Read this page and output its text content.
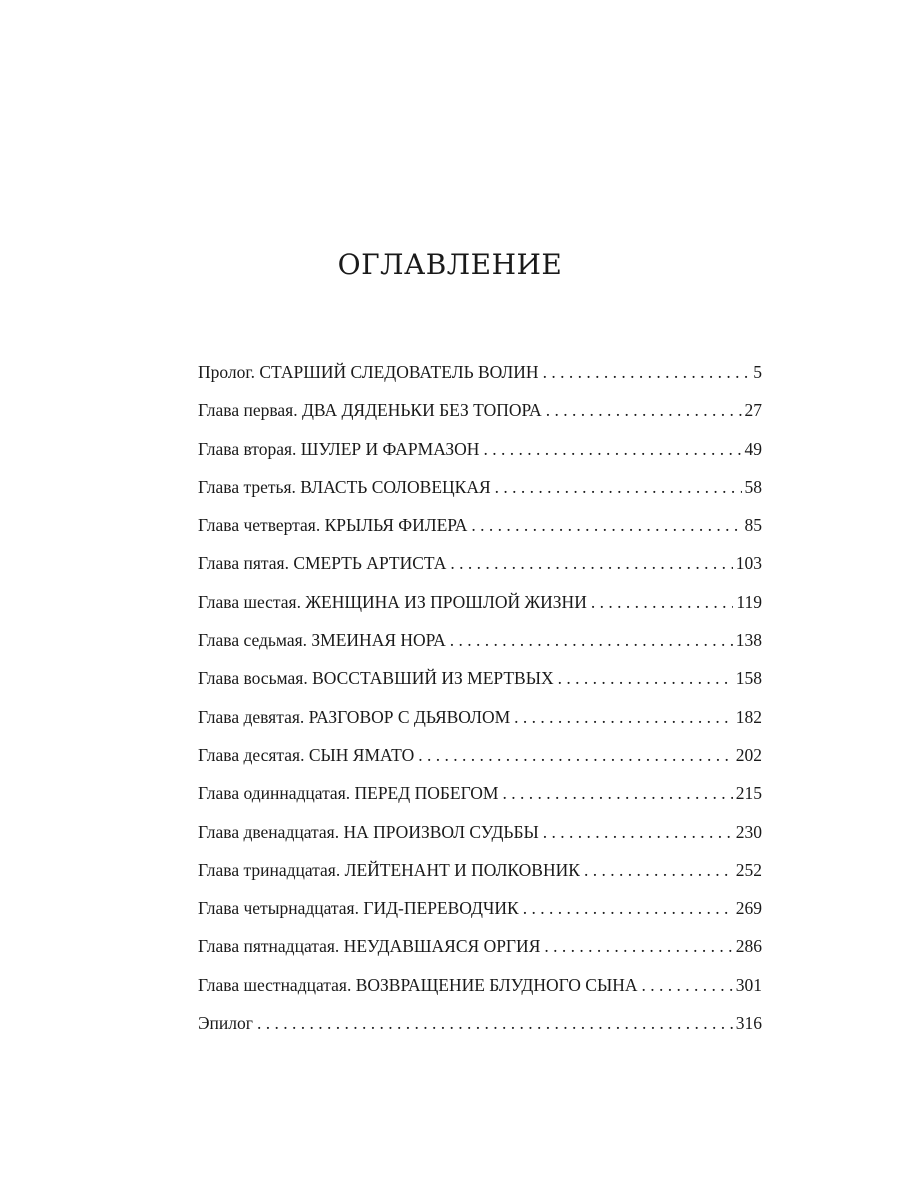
ОГЛАВЛЕНИЕ
Пролог. СТАРШИЙ СЛЕДОВАТЕЛЬ ВОЛИН . . .	5
Глава первая. ДВА ДЯДЕНЬКИ БЕЗ ТОПОРА . . .	27
Глава вторая. ШУЛЕР И ФАРМАЗОН . . .	49
Глава третья. ВЛАСТЬ СОЛОВЕЦКАЯ . . .	58
Глава четвертая. КРЫЛЬЯ ФИЛЕРА . . .	85
Глава пятая. СМЕРТЬ АРТИСТА . . .	103
Глава шестая. ЖЕНЩИНА ИЗ ПРОШЛОЙ ЖИЗНИ . . .	119
Глава седьмая. ЗМЕИНАЯ НОРА . . .	138
Глава восьмая. ВОССТАВШИЙ ИЗ МЕРТВЫХ . . .	158
Глава девятая. РАЗГОВОР С ДЬЯВОЛОМ . . .	182
Глава десятая. СЫН ЯМАТО . . .	202
Глава одиннадцатая. ПЕРЕД ПОБЕГОМ . . .	215
Глава двенадцатая. НА ПРОИЗВОЛ СУДЬБЫ . . .	230
Глава тринадцатая. ЛЕЙТЕНАНТ И ПОЛКОВНИК . . .	252
Глава четырнадцатая. ГИД-ПЕРЕВОДЧИК . . .	269
Глава пятнадцатая. НЕУДАВШАЯСЯ ОРГИЯ . . .	286
Глава шестнадцатая. ВОЗВРАЩЕНИЕ БЛУДНОГО СЫНА . . .	301
Эпилог . . .	316
